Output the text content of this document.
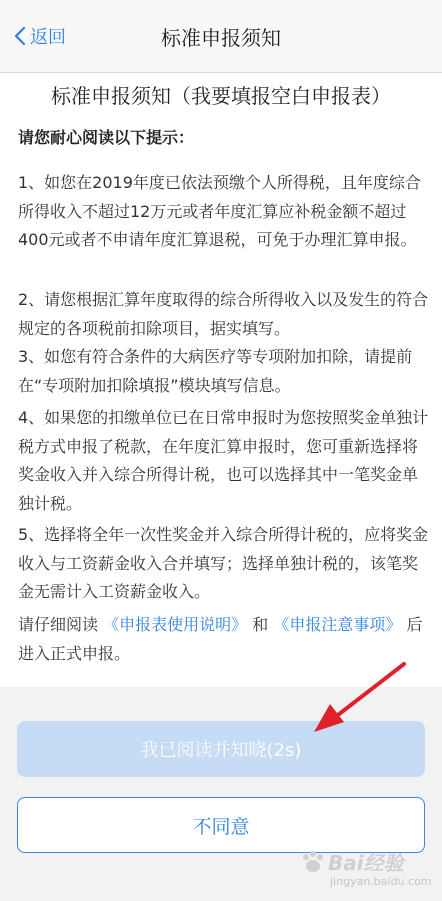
返回	标准申报须知
标准申报须知（我要填报空白申报表）
请您耐心阅读以下提示：
1、如您在2019年度已依法预缴个人所得税，且年度综合所得收入不超过12万元或者年度汇算应补税金额不超过400元或者不申请年度汇算退税，可免于办理汇算申报。
2、请您根据汇算年度取得的综合所得收入以及发生的符合规定的各项税前扣除项目，据实填写。
3、如您有符合条件的大病医疗等专项附加扣除，请提前在“专项附加扣除填报”模块填写信息。
4、如果您的扣缴单位已在日常申报时为您按照奖金单独计税方式申报了税款，在年度汇算申报时，您可重新选择将奖金收入并入综合所得计税，也可以选择其中一笔奖金单独计税。
5、选择将全年一次性奖金并入综合所得计税的，应将奖金收入与工资薪金收入合并填写；选择单独计税的，该笔奖金无需计入工资薪金收入。
请仔细阅读 《申报表使用说明》 和 《申报注意事项》 后进入正式申报。
我已阅读并知晓(2s)
不同意
Bai经验
jingyan.baidu.com
